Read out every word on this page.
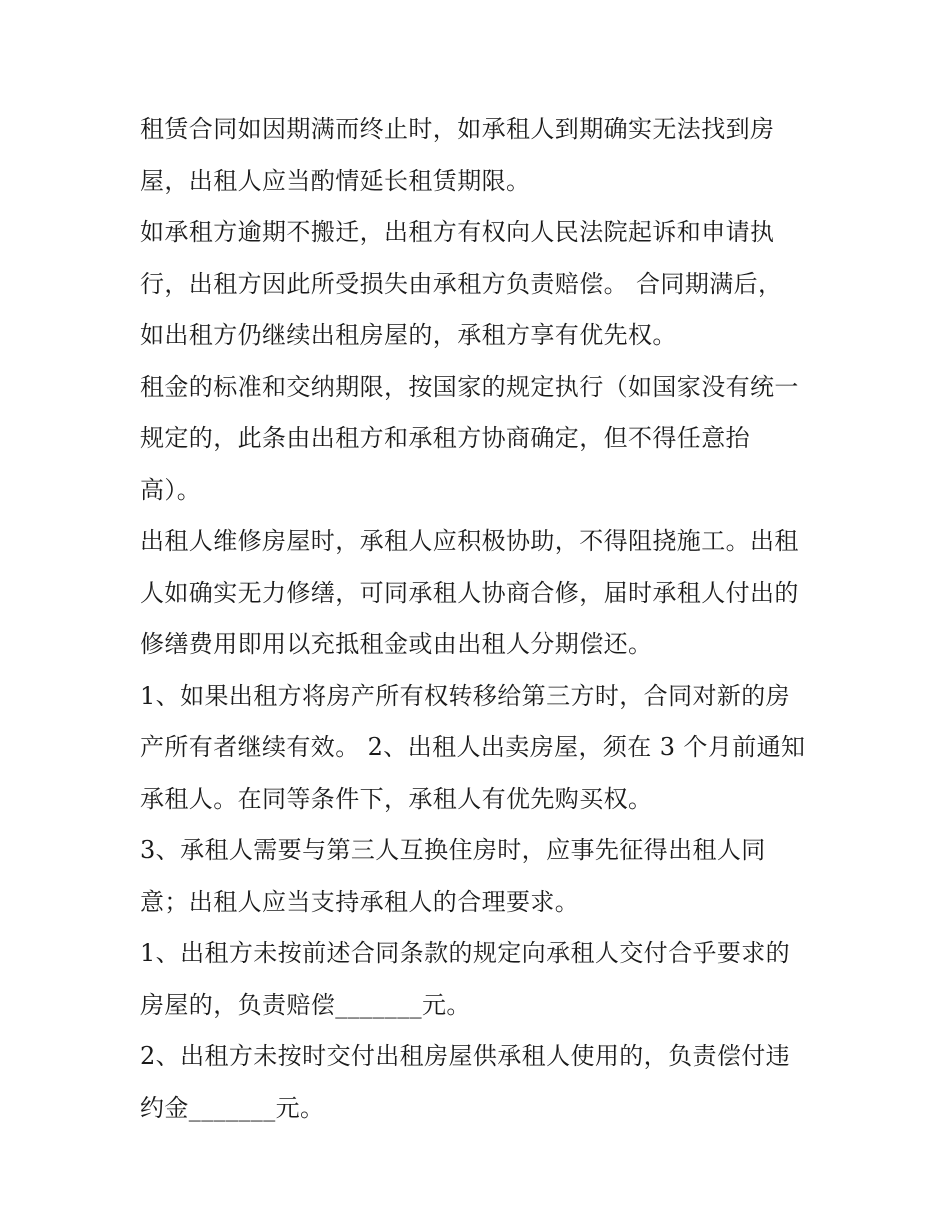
租赁合同如因期满而终止时，如承租人到期确实无法找到房
屋，出租人应当酌情延长租赁期限。

如承租方逾期不搬迁，出租方有权向人民法院起诉和申请执
行，出租方因此所受损失由承租方负责赔偿。 合同期满后，
如出租方仍继续出租房屋的，承租方享有优先权。

租金的标准和交纳期限，按国家的规定执行（如国家没有统一
规定的，此条由出租方和承租方协商确定，但不得任意抬
高）。

出租人维修房屋时，承租人应积极协助，不得阻挠施工。出租
人如确实无力修缮，可同承租人协商合修，届时承租人付出的
修缮费用即用以充抵租金或由出租人分期偿还。

1、如果出租方将房产所有权转移给第三方时，合同对新的房
产所有者继续有效。 2、出租人出卖房屋，须在 3 个月前通知
承租人。在同等条件下，承租人有优先购买权。

3、承租人需要与第三人互换住房时，应事先征得出租人同
意；出租人应当支持承租人的合理要求。

1、出租方未按前述合同条款的规定向承租人交付合乎要求的
房屋的，负责赔偿_______元。

2、出租方未按时交付出租房屋供承租人使用的，负责偿付违
约金_______元。
